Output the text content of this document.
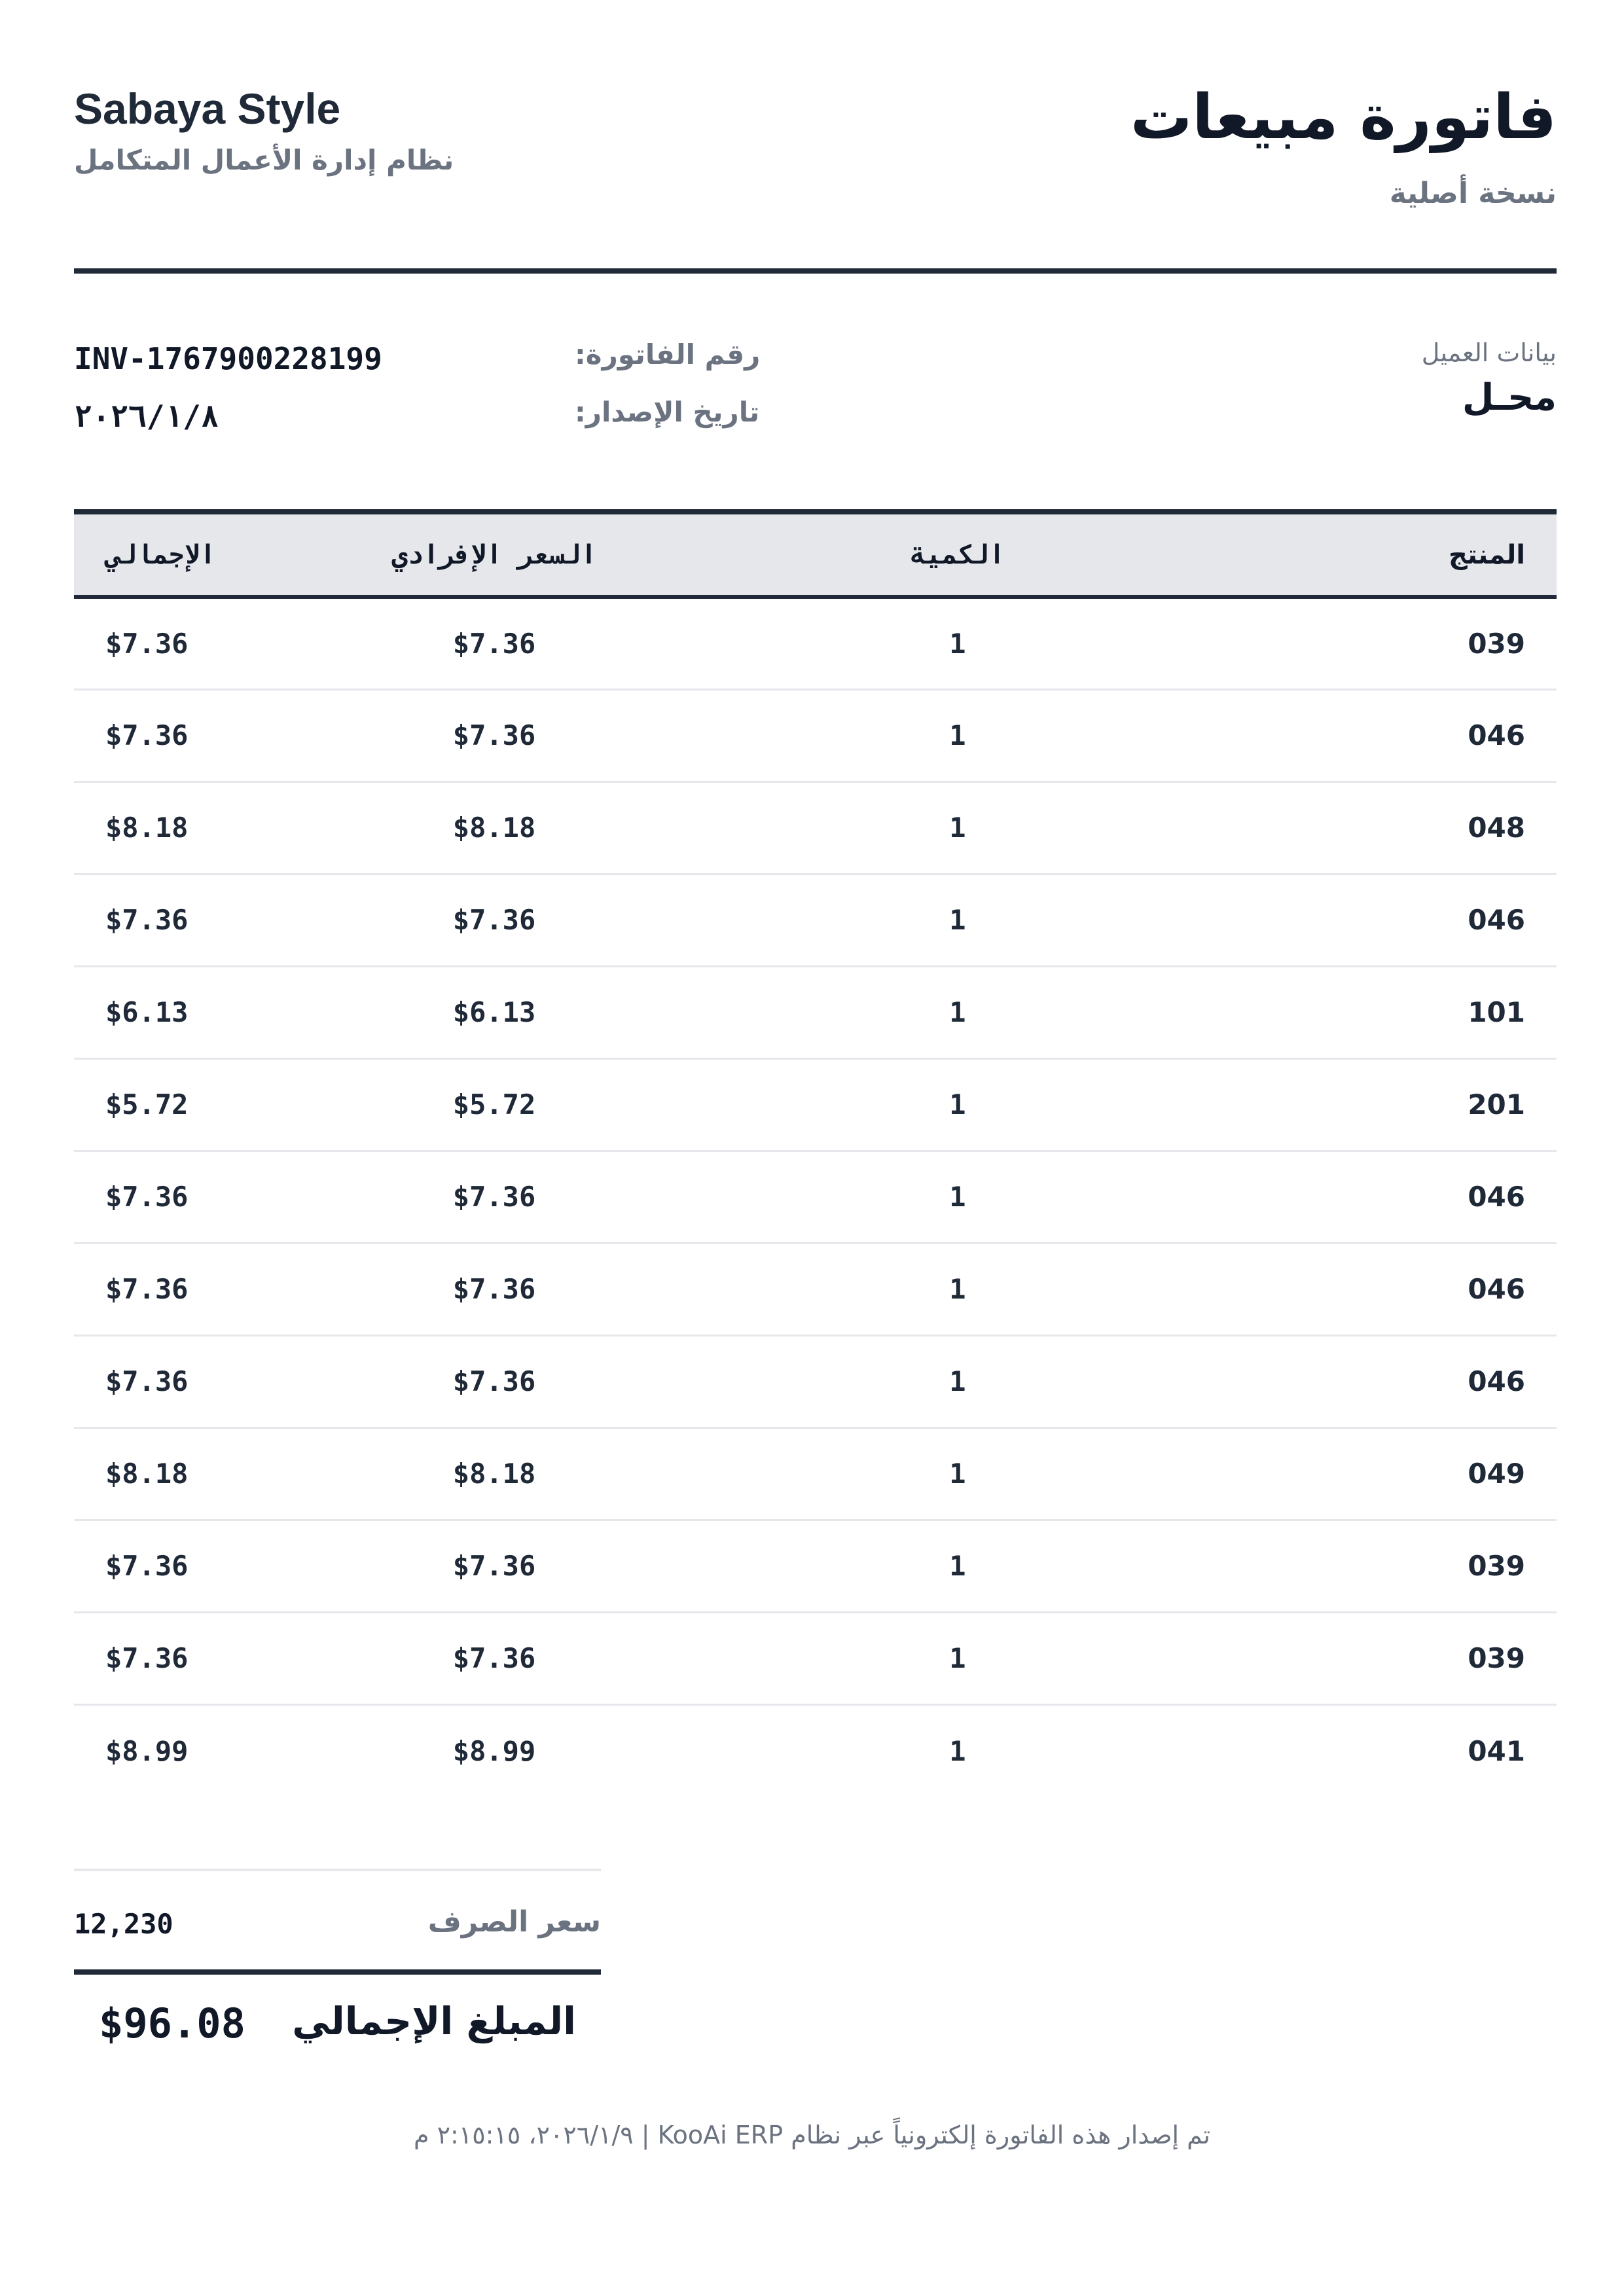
فاتورة مبيعات
نسخة أصلية
Sabaya Style
نظام إدارة الأعمال المتكامل
بيانات العميل
محـل
رقم الفاتورة:
INV-1767900228199
تاريخ الإصدار:
٢٠٢٦/١/٨
المنتج	الكمية	السعر الإفرادي	الإجمالي
039	1	$7.36	$7.36
046	1	$7.36	$7.36
048	1	$8.18	$8.18
046	1	$7.36	$7.36
101	1	$6.13	$6.13
201	1	$5.72	$5.72
046	1	$7.36	$7.36
046	1	$7.36	$7.36
046	1	$7.36	$7.36
049	1	$8.18	$8.18
039	1	$7.36	$7.36
039	1	$7.36	$7.36
041	1	$8.99	$8.99
سعر الصرف
12,230
المبلغ الإجمالي
$96.08
تم إصدار هذه الفاتورة إلكترونياً عبر نظام KooAi ERP | ٢٠٢٦/١/٩، ٢:١٥:١٥ م
